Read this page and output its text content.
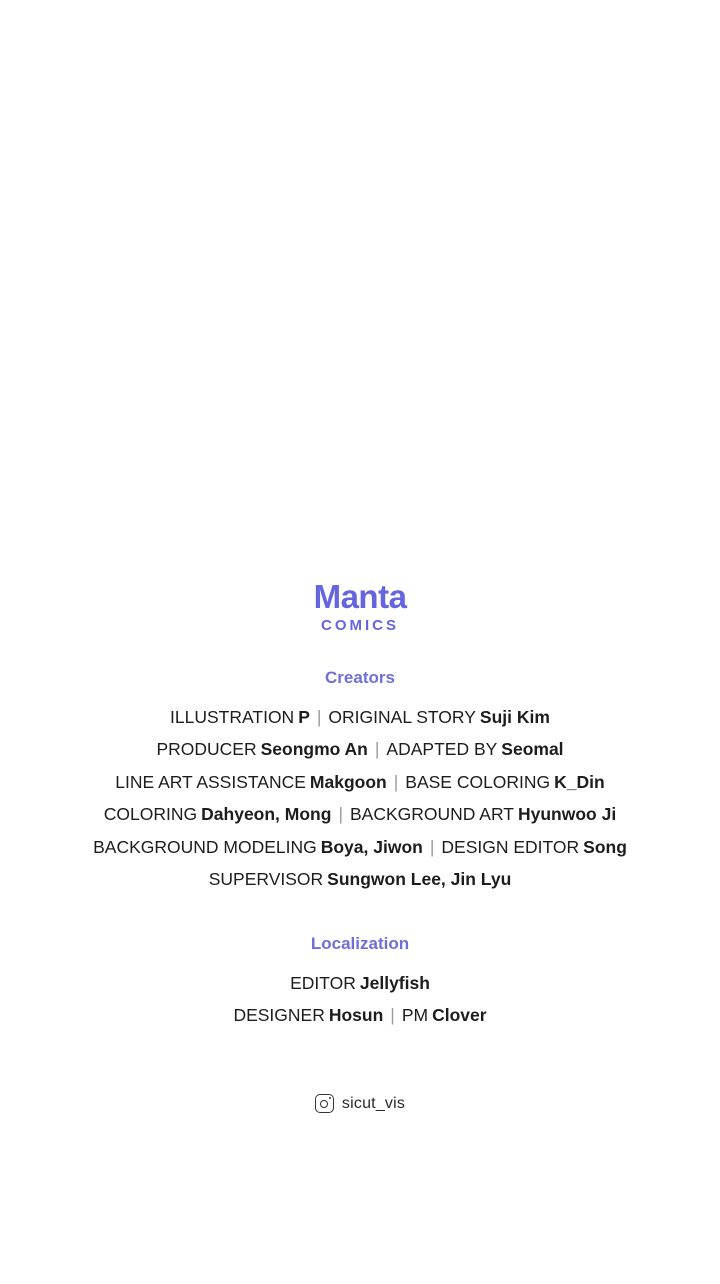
Manta
COMICS
Creators
ILLUSTRATION P | ORIGINAL STORY Suji Kim
PRODUCER Seongmo An | ADAPTED BY Seomal
LINE ART ASSISTANCE Makgoon | BASE COLORING K_Din
COLORING Dahyeon, Mong | BACKGROUND ART Hyunwoo Ji
BACKGROUND MODELING Boya, Jiwon | DESIGN EDITOR Song
SUPERVISOR Sungwon Lee, Jin Lyu
Localization
EDITOR Jellyfish
DESIGNER Hosun | PM Clover
sicut_vis
